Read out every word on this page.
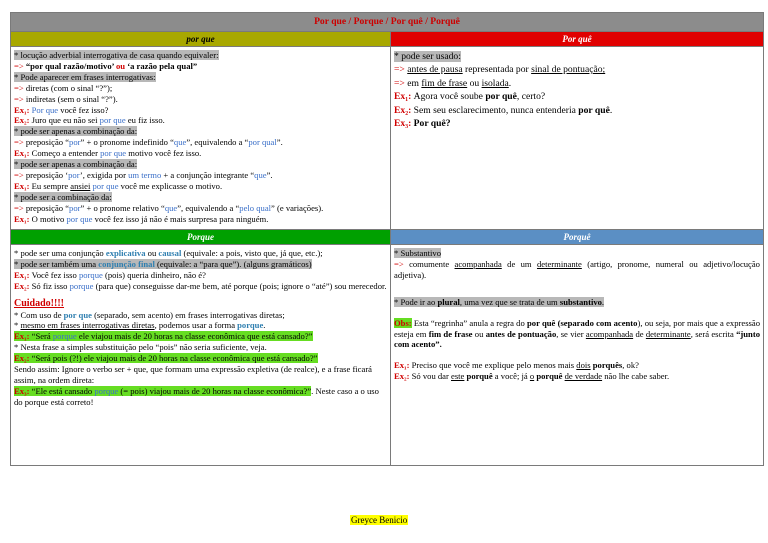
Por que / Porque / Por quê / Porquê
por que	Por quê
* locução adverbial interrogativa de casa quando equivaler:
=> “por qual razão/motivo’ ou ‘a razão pela qual”
* Pode aparecer em frases interrogativas:
=> diretas (com o sinal “?”);
=> indiretas (sem o sinal “?”).
Ex₁: Por que você fez isso?
Ex₂: Juro que eu não sei por que eu fiz isso.
* pode ser apenas a combinação da:
=> preposição “por” + o pronome indefinido “que”, equivalendo a “por qual”.
Ex₁: Começo a entender por que motivo você fez isso.
* pode ser apenas a combinação da:
=> preposição ‘por’, exigida por um termo + a conjunção integrante “que”.
Ex₁: Eu sempre ansiei por que você me explicasse o motivo.
* pode ser a combinação da:
=> preposição “por” + o pronome relativo “que”, equivalendo a “pelo qual” (e variações).
Ex₁: O motivo por que você fez isso já não é mais surpresa para ninguém.
* pode ser usado:
=> antes de pausa representada por sinal de pontuação;
=> em fim de frase ou isolada.
Ex₁: Agora você soube por quê, certo?
Ex₂: Sem seu esclarecimento, nunca entenderia por quê.
Ex₃: Por quê?
Porque	Porquê
* pode ser uma conjunção explicativa ou causal (equivale: a pois, visto que, já que, etc.);
* pode ser também uma conjunção final (equivale: a “para que”). (alguns gramáticos)
Ex₁: Você fez isso porque (pois) queria dinheiro, não é?
Ex₂: Só fiz isso porque (para que) conseguisse dar-me bem, até porque (pois; ignore o “até”) sou merecedor.
Cuidado!!!!
* Com uso de por que (separado, sem acento) em frases interrogativas diretas;
* mesmo em frases interrogativas diretas, podemos usar a forma porque.
Ex₁: “Será porque ele viajou mais de 20 horas na classe econômica que está cansado?”
* Nesta frase a simples substituição pelo “pois” não seria suficiente, veja.
Ex₂: “Será pois (?!) ele viajou mais de 20 horas na classe econômica que está cansado?”
Sendo assim: Ignore o verbo ser + que, que formam uma expressão expletiva (de realce), e a frase ficará assim, na ordem direta:
Ex₃: “Ele está cansado porque (= pois) viajou mais de 20 horas na classe econômica?”. Neste caso a o uso do porque está correto!
* Substantivo
=> comumente acompanhada de um determinante (artigo, pronome, numeral ou adjetivo/locução adjetiva).
* Pode ir ao plural, uma vez que se trata de um substantivo.
Obs: Esta “regrinha” anula a regra do por quê (separado com acento), ou seja, por mais que a expressão esteja em fim de frase ou antes de pontuação, se vier acompanhada de determinante, será escrita “junto com acento”.
Ex₁: Preciso que você me explique pelo menos mais dois porquês, ok?
Ex₂: Só vou dar este porquê a você; já o porquê de verdade não lhe cabe saber.
Greyce Benicio
